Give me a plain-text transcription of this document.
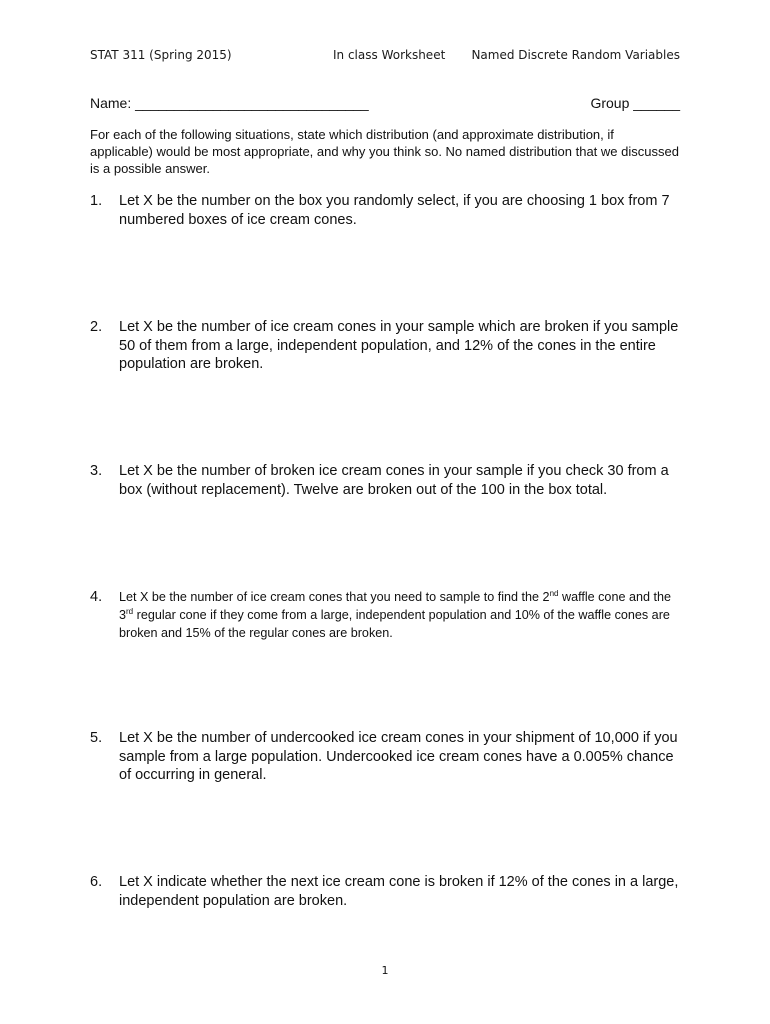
STAT 311 (Spring 2015)	In class Worksheet Named Discrete Random Variables
Name: ______________________________	Group ______
For each of the following situations, state which distribution (and approximate distribution, if applicable) would be most appropriate, and why you think so. No named distribution that we discussed is a possible answer.
1. Let X be the number on the box you randomly select, if you are choosing 1 box from 7 numbered boxes of ice cream cones.
2. Let X be the number of ice cream cones in your sample which are broken if you sample 50 of them from a large, independent population, and 12% of the cones in the entire population are broken.
3. Let X be the number of broken ice cream cones in your sample if you check 30 from a box (without replacement). Twelve are broken out of the 100 in the box total.
4. Let X be the number of ice cream cones that you need to sample to find the 2nd waffle cone and the 3rd regular cone if they come from a large, independent population and 10% of the waffle cones are broken and 15% of the regular cones are broken.
5. Let X be the number of undercooked ice cream cones in your shipment of 10,000 if you sample from a large population. Undercooked ice cream cones have a 0.005% chance of occurring in general.
6. Let X indicate whether the next ice cream cone is broken if 12% of the cones in a large, independent population are broken.
1
